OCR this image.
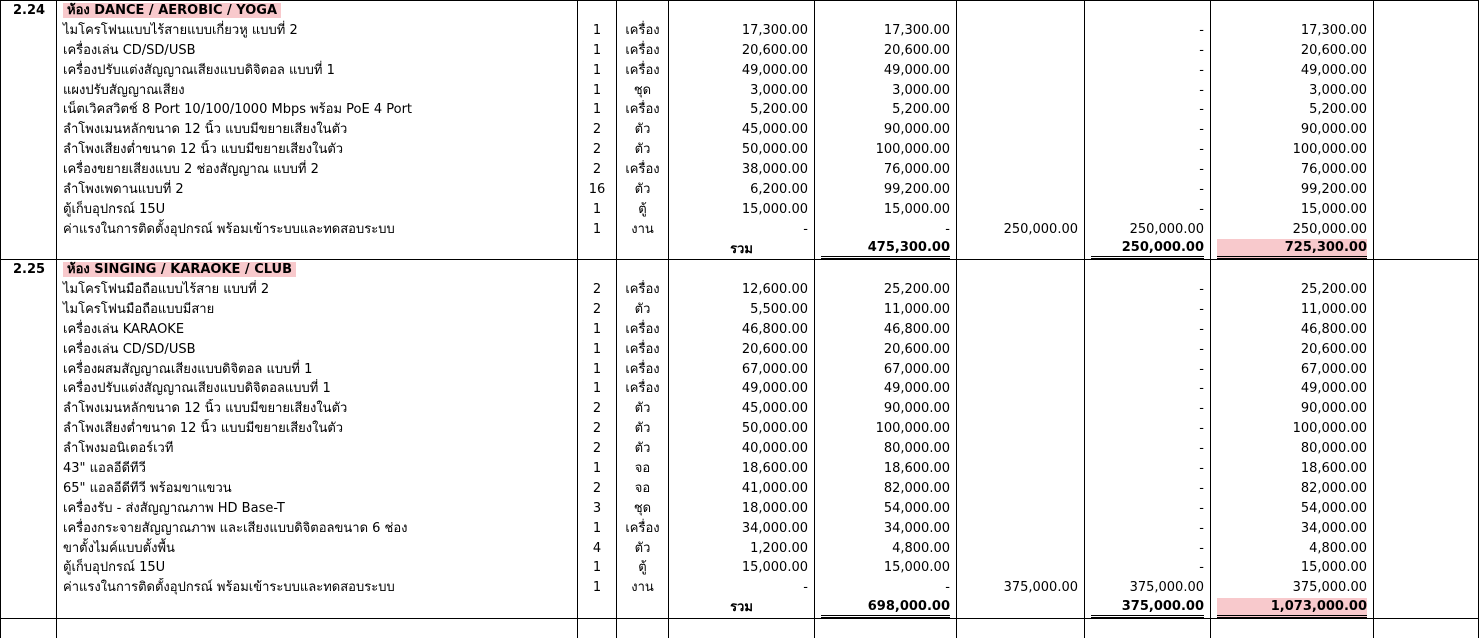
2.24	ห้อง DANCE / AEROBIC / YOGA								
	ไมโครโฟนแบบไร้สายแบบเกี่ยวหู แบบที่ 2	1	เครื่อง	17,300.00	17,300.00		-	17,300.00	
	เครื่องเล่น CD/SD/USB	1	เครื่อง	20,600.00	20,600.00		-	20,600.00	
	เครื่องปรับแต่งสัญญาณเสียงแบบดิจิตอล แบบที่ 1	1	เครื่อง	49,000.00	49,000.00		-	49,000.00	
	แผงปรับสัญญาณเสียง	1	ชุด	3,000.00	3,000.00		-	3,000.00	
	เน็ตเวิคสวิตช์ 8 Port 10/100/1000 Mbps พร้อม PoE 4 Port	1	เครื่อง	5,200.00	5,200.00		-	5,200.00	
	ลำโพงเมนหลักขนาด 12 นิ้ว แบบมีขยายเสียงในตัว	2	ตัว	45,000.00	90,000.00		-	90,000.00	
	ลำโพงเสียงต่ำขนาด 12 นิ้ว แบบมีขยายเสียงในตัว	2	ตัว	50,000.00	100,000.00		-	100,000.00	
	เครื่องขยายเสียงแบบ 2 ช่องสัญญาณ แบบที่ 2	2	เครื่อง	38,000.00	76,000.00		-	76,000.00	
	ลำโพงเพดานแบบที่ 2	16	ตัว	6,200.00	99,200.00		-	99,200.00	
	ตู้เก็บอุปกรณ์ 15U	1	ตู้	15,000.00	15,000.00		-	15,000.00	
	ค่าแรงในการติดตั้งอุปกรณ์ พร้อมเข้าระบบและทดสอบระบบ	1	งาน	-	-	250,000.00	250,000.00	250,000.00	
				รวม	475,300.00		250,000.00	725,300.00	

2.25	ห้อง SINGING / KARAOKE / CLUB								
	ไมโครโฟนมือถือแบบไร้สาย แบบที่ 2	2	เครื่อง	12,600.00	25,200.00		-	25,200.00	
	ไมโครโฟนมือถือแบบมีสาย	2	ตัว	5,500.00	11,000.00		-	11,000.00	
	เครื่องเล่น KARAOKE	1	เครื่อง	46,800.00	46,800.00		-	46,800.00	
	เครื่องเล่น CD/SD/USB	1	เครื่อง	20,600.00	20,600.00		-	20,600.00	
	เครื่องผสมสัญญาณเสียงแบบดิจิตอล แบบที่ 1	1	เครื่อง	67,000.00	67,000.00		-	67,000.00	
	เครื่องปรับแต่งสัญญาณเสียงแบบดิจิตอลแบบที่ 1	1	เครื่อง	49,000.00	49,000.00		-	49,000.00	
	ลำโพงเมนหลักขนาด 12 นิ้ว แบบมีขยายเสียงในตัว	2	ตัว	45,000.00	90,000.00		-	90,000.00	
	ลำโพงเสียงต่ำขนาด 12 นิ้ว แบบมีขยายเสียงในตัว	2	ตัว	50,000.00	100,000.00		-	100,000.00	
	ลำโพงมอนิเตอร์เวที	2	ตัว	40,000.00	80,000.00		-	80,000.00	
	43" แอลอีดีทีวี	1	จอ	18,600.00	18,600.00		-	18,600.00	
	65" แอลอีดีทีวี พร้อมขาแขวน	2	จอ	41,000.00	82,000.00		-	82,000.00	
	เครื่องรับ - ส่งสัญญาณภาพ HD Base-T	3	ชุด	18,000.00	54,000.00		-	54,000.00	
	เครื่องกระจายสัญญาณภาพ และเสียงแบบดิจิตอลขนาด 6 ช่อง	1	เครื่อง	34,000.00	34,000.00		-	34,000.00	
	ขาตั้งไมค์แบบตั้งพื้น	4	ตัว	1,200.00	4,800.00		-	4,800.00	
	ตู้เก็บอุปกรณ์ 15U	1	ตู้	15,000.00	15,000.00		-	15,000.00	
	ค่าแรงในการติดตั้งอุปกรณ์ พร้อมเข้าระบบและทดสอบระบบ	1	งาน	-	-	375,000.00	375,000.00	375,000.00	
				รวม	698,000.00		375,000.00	1,073,000.00	
